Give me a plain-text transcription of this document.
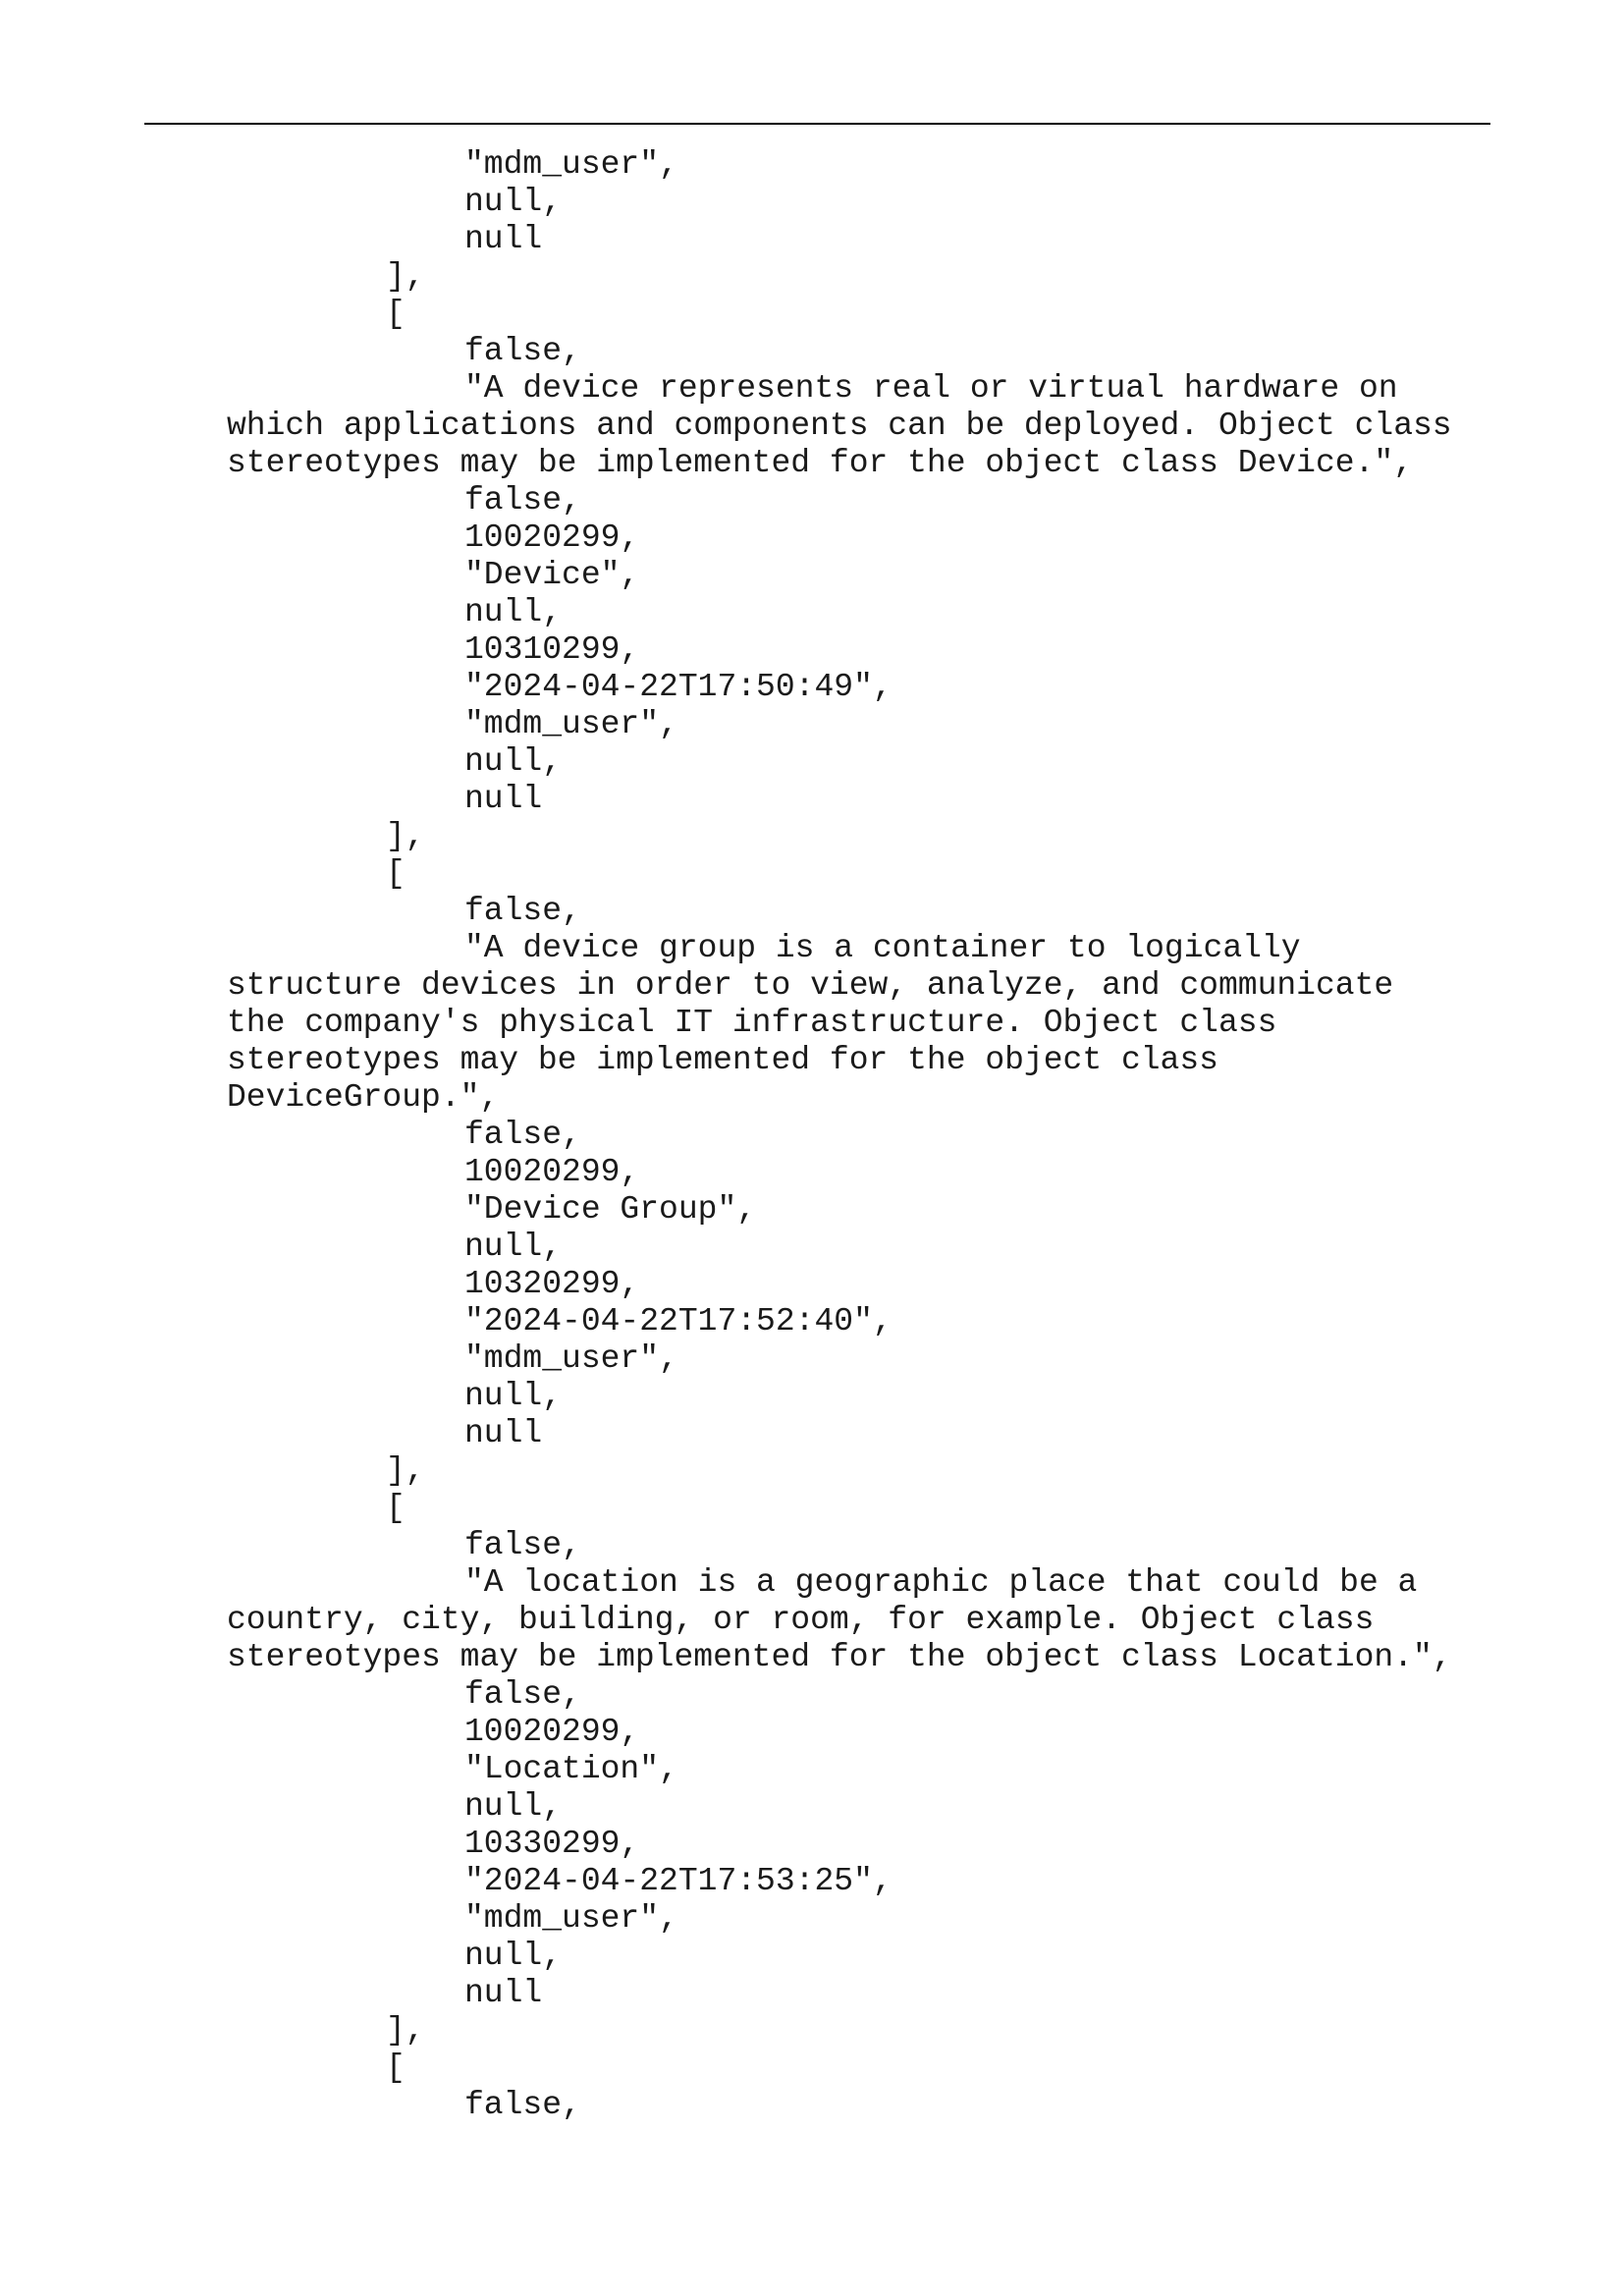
"mdm_user",
null,
null
],
[
false,
"A device represents real or virtual hardware on
which applications and components can be deployed. Object class
stereotypes may be implemented for the object class Device.",
false,
10020299,
"Device",
null,
10310299,
"2024-04-22T17:50:49",
"mdm_user",
null,
null
],
[
false,
"A device group is a container to logically
structure devices in order to view, analyze, and communicate
the company's physical IT infrastructure. Object class
stereotypes may be implemented for the object class
DeviceGroup.",
false,
10020299,
"Device Group",
null,
10320299,
"2024-04-22T17:52:40",
"mdm_user",
null,
null
],
[
false,
"A location is a geographic place that could be a
country, city, building, or room, for example. Object class
stereotypes may be implemented for the object class Location.",
false,
10020299,
"Location",
null,
10330299,
"2024-04-22T17:53:25",
"mdm_user",
null,
null
],
[
false,
